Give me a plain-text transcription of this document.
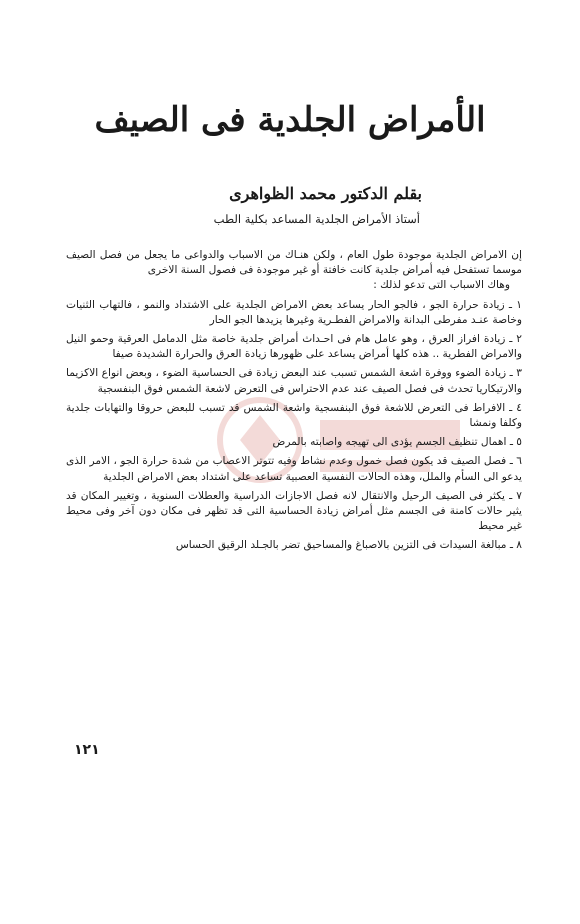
الأمراض الجلدية فى الصيف
بقلم الدكتور محمد الظواهرى
أستاذ الأمراض الجلدية المساعد بكلية الطب

إن الامراض الجلدية موجودة طول العام ، ولكن هنـاك من الاسباب والدواعى ما يجعل من فصل الصيف موسما تستفحل فيه أمراض جلدية كانت خافتة أو غير موجودة فى فصول السنة الاخرى

وهاك الاسباب التى تدعو لذلك :

١ ـ زيادة حرارة الجو ، فالجو الحار يساعد بعض الامراض الجلدية على الاشتداد والنمو ، فالتهاب الثنيات وخاصة عنـد مفرطى البدانة والامراض الفطـرية وغيرها يزيدها الجو الحار

٢ ـ زيادة افراز العرق ، وهو عامل هام فى احـداث أمراض جلدية خاصة مثل الدمامل العرقية وحمو النيل والامراض الفطرية .. هذه كلها أمراض يساعد على ظهورها زيادة العرق والحرارة الشديدة صيفا

٣ ـ زيادة الضوء ووفرة اشعة الشمس تسبب عند البعض زيادة فى الحساسية الضوء ، وبعض انواع الاكزيما والارتيكاريا تحدث فى فصل الصيف عند عدم الاحتراس فى التعرض لاشعة الشمس فوق البنفسجية

٤ ـ الافراط فى التعرض للاشعة فوق البنفسجية واشعة الشمس قد تسبب للبعض حروقا والتهابات جلدية وكلفا ونمشا

٥ ـ اهمال تنظيف الجسم يؤدى الى تهيجه واصابته بالمرض

٦ ـ فصل الصيف قد يكون فصل خمول وعدم نشاط وفيه تتوتر الاعصاب من شدة حرارة الجو ، الامر الذى يدعو الى السأم والملل، وهذه الحالات النفسية العصبية تساعد على اشتداد بعض الامراض الجلدية

٧ ـ يكثر فى الصيف الرحيل والانتقال لانه فصل الاجازات الدراسية والعطلات السنوية ، وتغيير المكان قد يثير حالات كامنة فى الجسم مثل أمراض زيادة الحساسية التى قد تظهر فى مكان دون آخر وفى محيط غير محيط

٨ ـ مبالغة السيدات فى التزين بالاصباغ والمساحيق تضر بالجـلد الرقيق الحساس

١٢١
